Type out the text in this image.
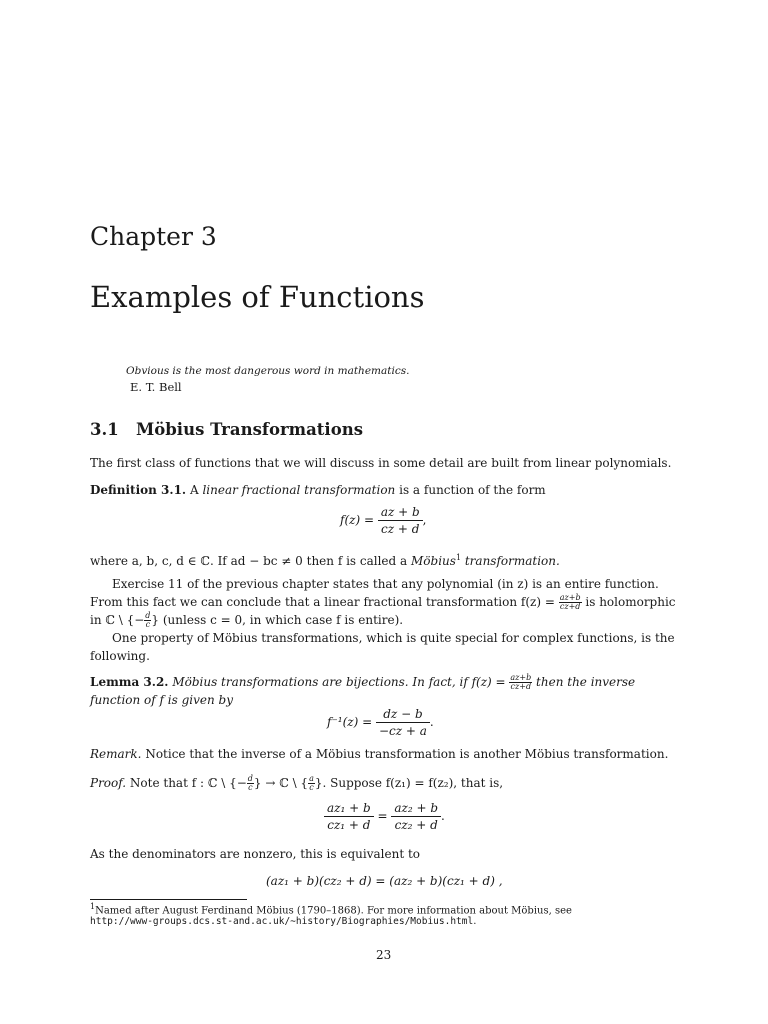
Chapter 3
Examples of Functions
Obvious is the most dangerous word in mathematics.
E. T. Bell
3.1 Möbius Transformations
The first class of functions that we will discuss in some detail are built from linear polynomials.
Definition 3.1. A linear fractional transformation is a function of the form
$f(z) = \frac{az + b}{cz + d}$ ,
where a, b, c, d ∈ ℂ. If ad − bc ≠ 0 then f is called a Möbius$^1$ transformation.
Exercise 11 of the previous chapter states that any polynomial (in z) is an entire function.
From this fact we can conclude that a linear fractional transformation $f(z) = \frac{az+b}{cz+d}$ is holomorphic
in ℂ \ {− $\frac{d}{c}$ } (unless c = 0, in which case f is entire).
One property of Möbius transformations, which is quite special for complex functions, is the
following.
Lemma 3.2. Möbius transformations are bijections. In fact, if $f(z) = \frac{az+b}{cz+d}$ then the inverse
function of f is given by
$f^{-1}(z) = \frac{dz - b}{-cz + a}$ .
Remark. Notice that the inverse of a Möbius transformation is another Möbius transformation.
Proof. Note that f : ℂ \ {− $\frac{d}{c}$ } → ℂ \ { $\frac{a}{c}$ }. Suppose f(z₁) = f(z₂), that is,
$\frac{\text{az₁ + b}}{\text{cz₁ + d}} = \frac{\text{az₂ + b}}{\text{cz₂ + d}}$ .
As the denominators are nonzero, this is equivalent to
(az₁ + b)(cz₂ + d) = (az₂ + b)(cz₁ + d) ,
$^1$Named after August Ferdinand Möbius (1790–1868). For more information about Möbius, see
http://www-groups.dcs.st-and.ac.uk/∼history/Biographies/Mobius.html.
23
